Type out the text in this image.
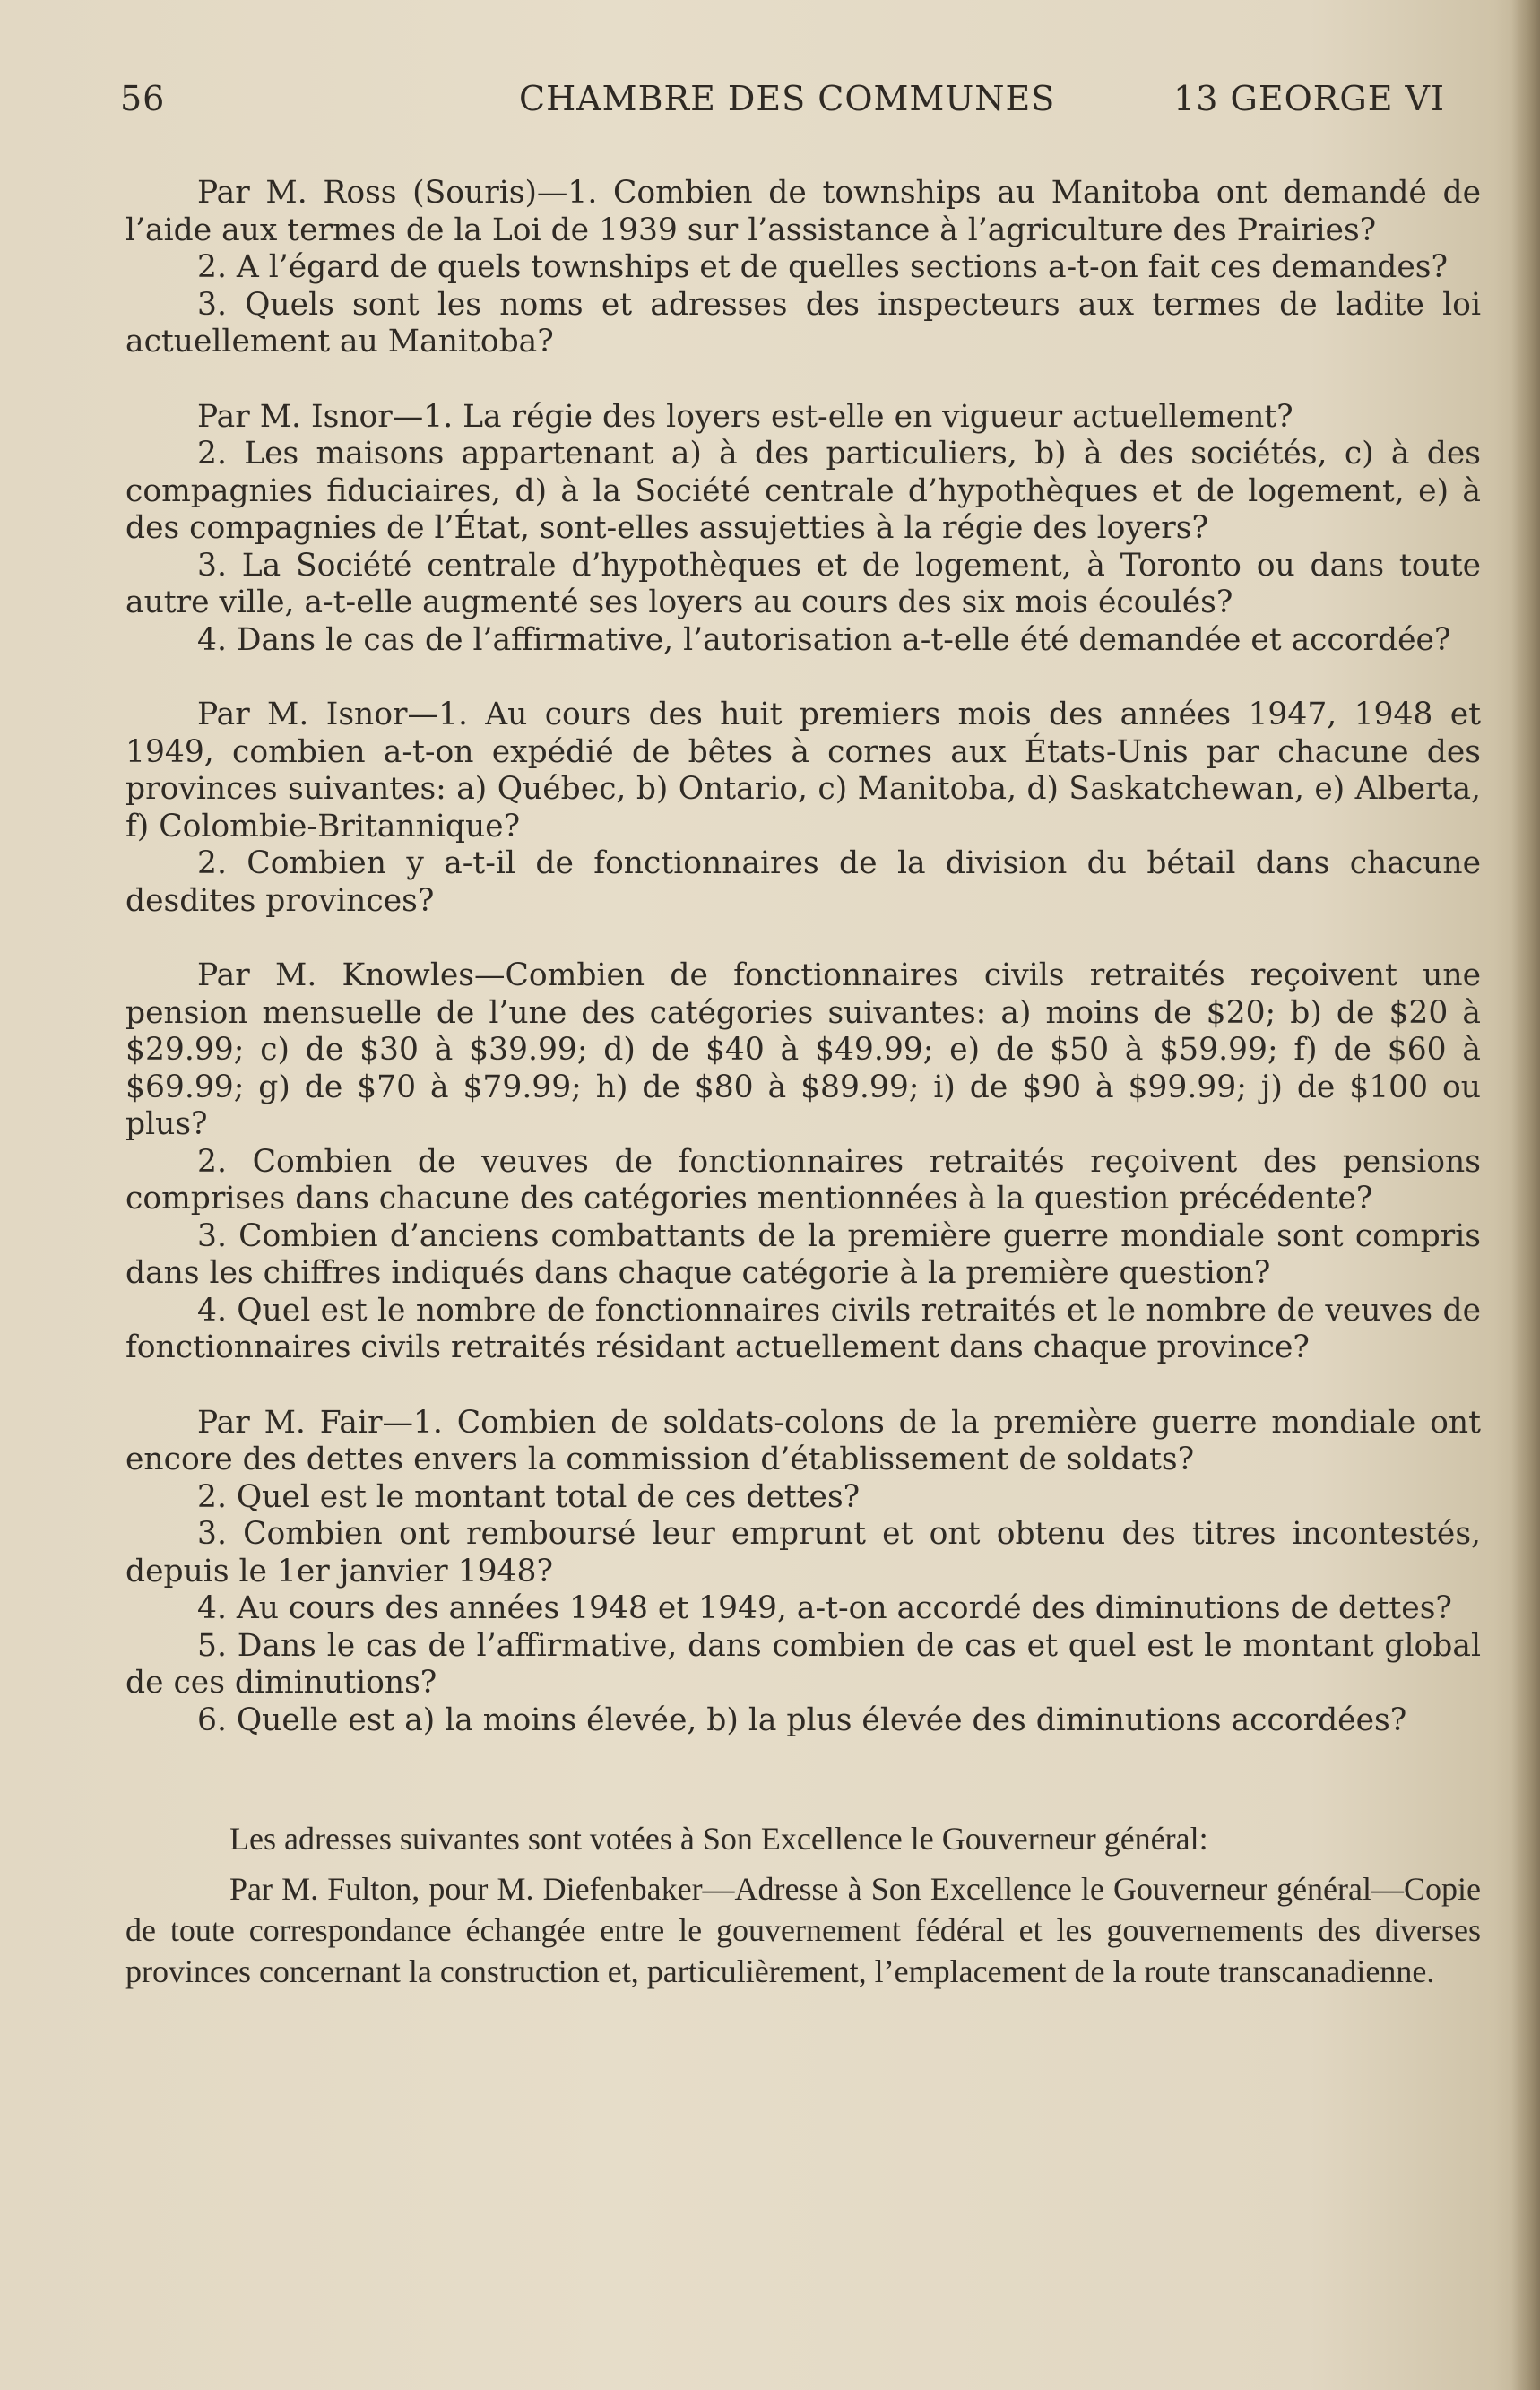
56	CHAMBRE DES COMMUNES	13 GEORGE VI

Par M. Ross (Souris)—1. Combien de townships au Manitoba ont demandé de l’aide aux termes de la Loi de 1939 sur l’assistance à l’agriculture des Prairies?

2. A l’égard de quels townships et de quelles sections a-t-on fait ces demandes?

3. Quels sont les noms et adresses des inspecteurs aux termes de ladite loi actuellement au Manitoba?

Par M. Isnor—1. La régie des loyers est-elle en vigueur actuellement?

2. Les maisons appartenant a) à des particuliers, b) à des sociétés, c) à des compagnies fiduciaires, d) à la Société centrale d’hypothèques et de logement, e) à des compagnies de l’État, sont-elles assujetties à la régie des loyers?

3. La Société centrale d’hypothèques et de logement, à Toronto ou dans toute autre ville, a-t-elle augmenté ses loyers au cours des six mois écoulés?

4. Dans le cas de l’affirmative, l’autorisation a-t-elle été demandée et accordée?

Par M. Isnor—1. Au cours des huit premiers mois des années 1947, 1948 et 1949, combien a-t-on expédié de bêtes à cornes aux États-Unis par chacune des provinces suivantes: a) Québec, b) Ontario, c) Manitoba, d) Saskatchewan, e) Alberta, f) Colombie-Britannique?

2. Combien y a-t-il de fonctionnaires de la division du bétail dans chacune desdites provinces?

Par M. Knowles—Combien de fonctionnaires civils retraités reçoivent une pension mensuelle de l’une des catégories suivantes: a) moins de $20; b) de $20 à $29.99; c) de $30 à $39.99; d) de $40 à $49.99; e) de $50 à $59.99; f) de $60 à $69.99; g) de $70 à $79.99; h) de $80 à $89.99; i) de $90 à $99.99; j) de $100 ou plus?

2. Combien de veuves de fonctionnaires retraités reçoivent des pensions comprises dans chacune des catégories mentionnées à la question précédente?

3. Combien d’anciens combattants de la première guerre mondiale sont compris dans les chiffres indiqués dans chaque catégorie à la première question?

4. Quel est le nombre de fonctionnaires civils retraités et le nombre de veuves de fonctionnaires civils retraités résidant actuellement dans chaque province?

Par M. Fair—1. Combien de soldats-colons de la première guerre mondiale ont encore des dettes envers la commission d’établissement de soldats?

2. Quel est le montant total de ces dettes?

3. Combien ont remboursé leur emprunt et ont obtenu des titres incontestés, depuis le 1er janvier 1948?

4. Au cours des années 1948 et 1949, a-t-on accordé des diminutions de dettes?

5. Dans le cas de l’affirmative, dans combien de cas et quel est le montant global de ces diminutions?

6. Quelle est a) la moins élevée, b) la plus élevée des diminutions accordées?

Les adresses suivantes sont votées à Son Excellence le Gouverneur général:

Par M. Fulton, pour M. Diefenbaker—Adresse à Son Excellence le Gouverneur général—Copie de toute correspondance échangée entre le gouvernement fédéral et les gouvernements des diverses provinces concernant la construction et, particulièrement, l’emplacement de la route transcanadienne.
